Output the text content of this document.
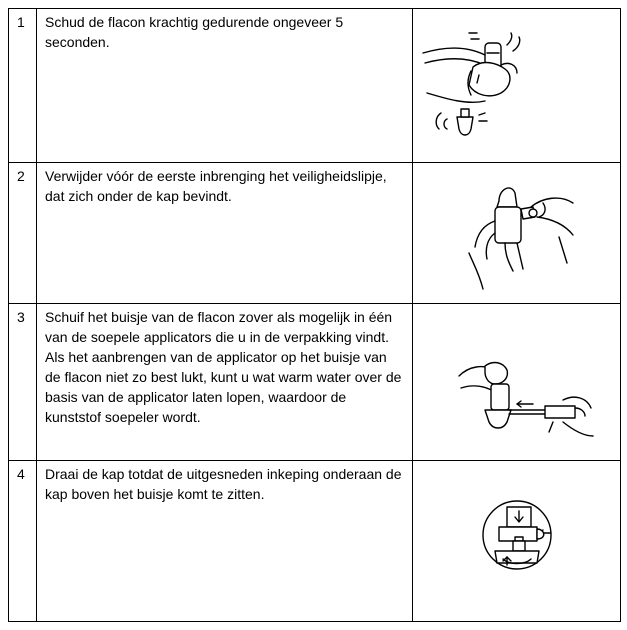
1	Schud de flacon krachtig gedurende ongeveer 5 seconden.	

2	Verwijder vóór de eerste inbrenging het veiligheidslipje, dat zich onder de kap bevindt.	

3	Schuif het buisje van de flacon zover als mogelijk in één van de soepele applicators die u in de verpakking vindt. Als het aanbrengen van de applicator op het buisje van de flacon niet zo best lukt, kunt u wat warm water over de basis van de applicator laten lopen, waardoor de kunststof soepeler wordt.	

4	Draai de kap totdat de uitgesneden inkeping onderaan de kap boven het buisje komt te zitten.	
